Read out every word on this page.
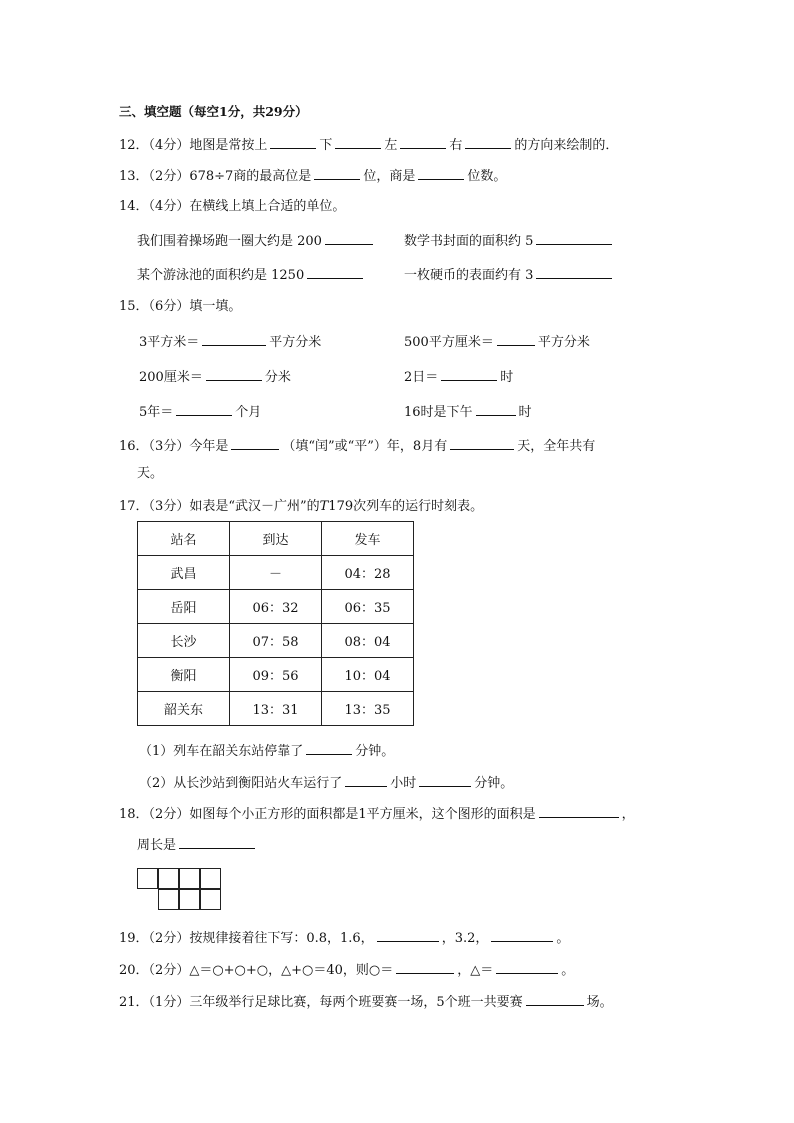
三、填空题（每空1分，共29分）
12．（4分）地图是常按上	下	左	右	的方向来绘制的．
13．（2分）678÷7商的最高位是	位，商是	位数。
14．（4分）在横线上填上合适的单位。
我们围着操场跑一圈大约是 200	数学书封面的面积约 5
某个游泳池的面积约是 1250	一枚硬币的表面约有 3
15．（6分）填一填。
3平方米＝	平方分米	500平方厘米＝	平方分米
200厘米＝	分米	2日＝	时
5年＝	个月	16时是下午	时
16．（3分）今年是	（填“闰”或“平”）年，8月有	天，全年共有
天。
17．（3分）如表是“武汉－广州”的T179次列车的运行时刻表。
站名	到达	发车
武昌	－	04：28
岳阳	06：32	06：35
长沙	07：58	08：04
衡阳	09：56	10：04
韶关东	13：31	13：35
（1）列车在韶关东站停靠了	分钟。
（2）从长沙站到衡阳站火车运行了	小时	分钟。
18．（2分）如图每个小正方形的面积都是1平方厘米，这个图形的面积是	，
周长是
19．（2分）按规律接着往下写：0.8，1.6，	，3.2，	。
20．（2分）△＝○+○+○，△+○＝40，则○＝	，△＝	。
21．（1分）三年级举行足球比赛，每两个班要赛一场，5个班一共要赛	场。
